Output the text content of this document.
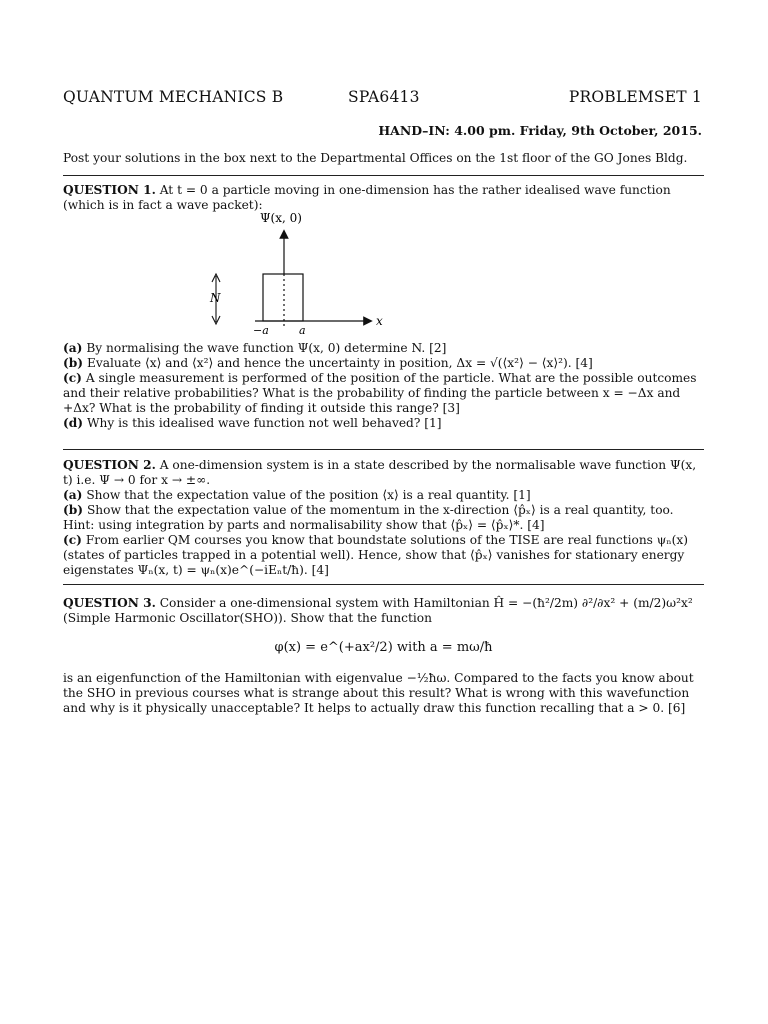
QUANTUM MECHANICS B	SPA6413	PROBLEMSET 1
HAND–IN: 4.00 pm. Friday, 9th October, 2015.
Post your solutions in the box next to the Departmental Offices on the 1st floor of the GO Jones Bldg.
QUESTION 1. At t = 0 a particle moving in one-dimension has the rather idealised wave function (which is in fact a wave packet):
N
Ψ(x, 0)
x
−a	a
(a) By normalising the wave function Ψ(x, 0) determine N. [2]
(b) Evaluate ⟨x⟩ and ⟨x²⟩ and hence the uncertainty in position, Δx = √(⟨x²⟩ − ⟨x⟩²). [4]
(c) A single measurement is performed of the position of the particle. What are the possible outcomes and their relative probabilities? What is the probability of finding the particle between x = −Δx and +Δx? What is the probability of finding it outside this range? [3]
(d) Why is this idealised wave function not well behaved? [1]
QUESTION 2. A one-dimension system is in a state described by the normalisable wave function Ψ(x, t) i.e. Ψ → 0 for x → ±∞.
(a) Show that the expectation value of the position ⟨x⟩ is a real quantity. [1]
(b) Show that the expectation value of the momentum in the x-direction ⟨p̂ₓ⟩ is a real quantity, too. Hint: using integration by parts and normalisability show that ⟨p̂ₓ⟩ = ⟨p̂ₓ⟩*. [4]
(c) From earlier QM courses you know that boundstate solutions of the TISE are real functions ψₙ(x) (states of particles trapped in a potential well). Hence, show that ⟨p̂ₓ⟩ vanishes for stationary energy eigenstates Ψₙ(x, t) = ψₙ(x)e^(−iEₙt/ħ). [4]
QUESTION 3. Consider a one-dimensional system with Hamiltonian Ĥ = −(ħ²/2m) ∂²/∂x² + (m/2)ω²x² (Simple Harmonic Oscillator(SHO)). Show that the function
φ(x) = e^(+ax²/2) with a = mω/ħ
is an eigenfunction of the Hamiltonian with eigenvalue −½ħω. Compared to the facts you know about the SHO in previous courses what is strange about this result? What is wrong with this wavefunction and why is it physically unacceptable? It helps to actually draw this function recalling that a > 0. [6]
